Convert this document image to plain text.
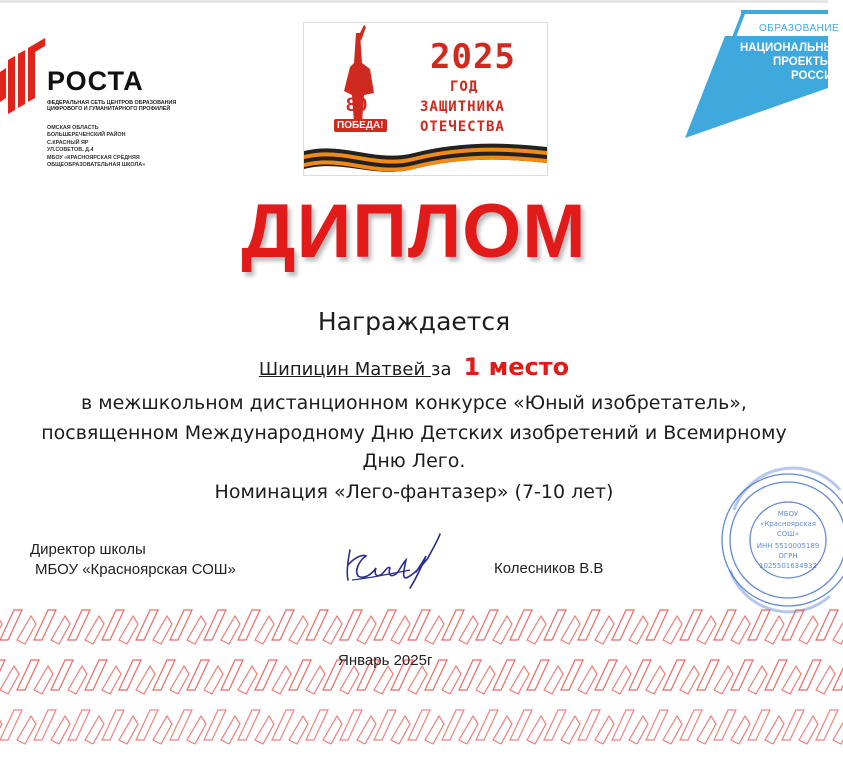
РОСТА
ФЕДЕРАЛЬНАЯ СЕТЬ ЦЕНТРОВ ОБРАЗОВАНИЯ ЦИФРОВОГО И ГУМАНИТАРНОГО ПРОФИЛЕЙ
ОМСКАЯ ОБЛАСТЬ
БОЛЬШЕРЕЧЕНСКИЙ РАЙОН
С.КРАСНЫЙ ЯР
УЛ.СОВЕТОВ, Д.4
МБОУ «КРАСНОЯРСКАЯ СРЕДНЯЯ
ОБЩЕОБРАЗОВАТЕЛЬНАЯ ШКОЛА»
2025
ГОД
ЗАЩИТНИКА
ОТЕЧЕСТВА
80
ПОБЕДА!
ОБРАЗОВАНИЕ
НАЦИОНАЛЬНЫЕ
ПРОЕКТЫ
РОССИИ
ДИПЛОМ
Награждается
Шипицин Матвей за 1 место
в межшкольном дистанционном конкурсе «Юный изобретатель»,
посвященном Международному Дню Детских изобретений и Всемирному
Дню Лего.
Номинация «Лего-фантазер» (7-10 лет)
Директор школы
МБОУ «Красноярская СОШ»	Колесников В.В
МБОУ
«Красноярская
СОШ»
ИНН 5510005189
ОГРН
1025501634932
Январь 2025г
